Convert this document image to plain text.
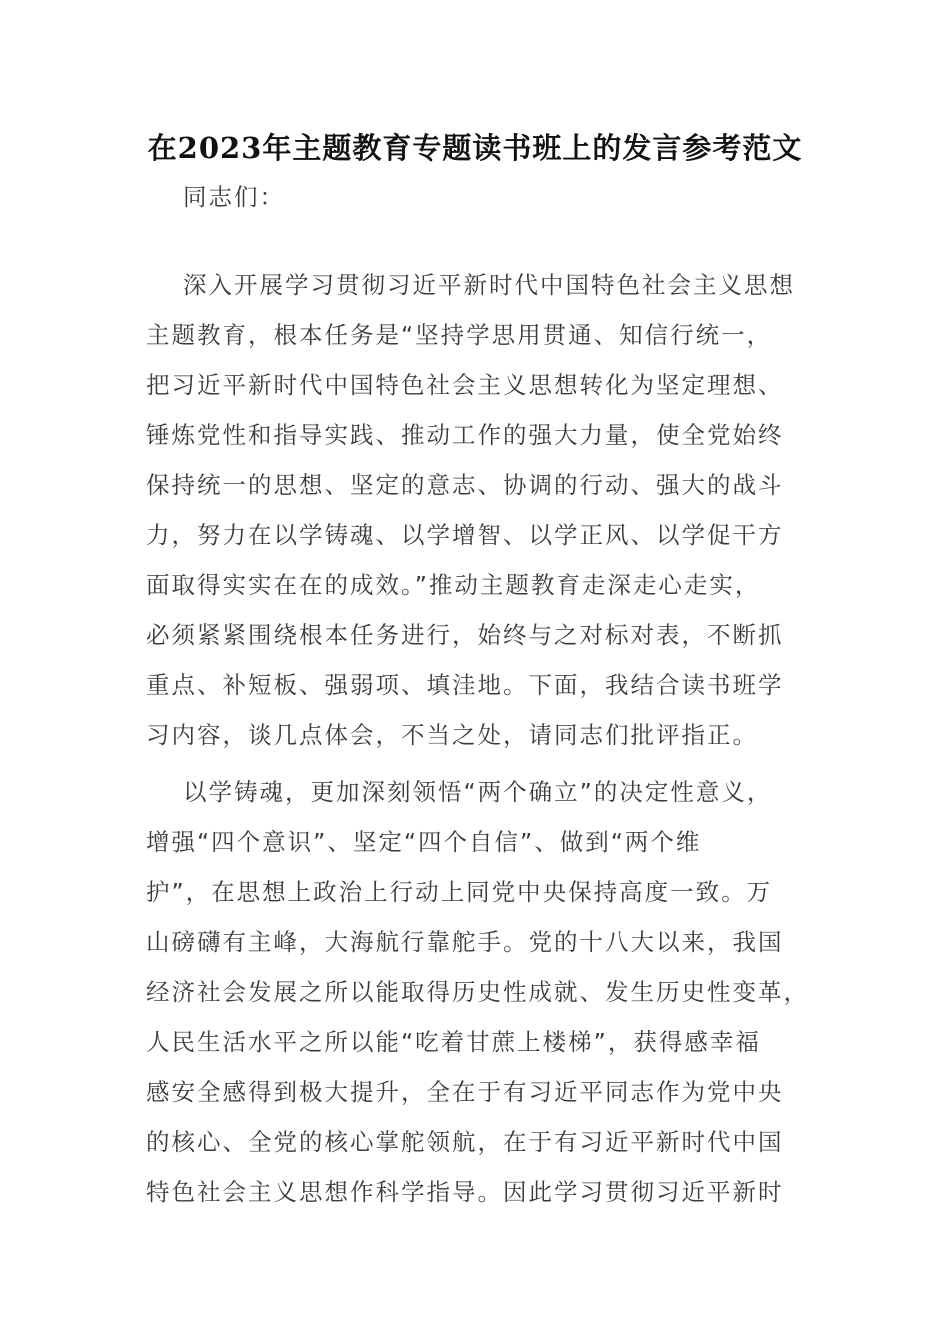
在2023年主题教育专题读书班上的发言参考范文
同志们：
深入开展学习贯彻习近平新时代中国特色社会主义思想
主题教育，根本任务是“坚持学思用贯通、知信行统一，
把习近平新时代中国特色社会主义思想转化为坚定理想、
锤炼党性和指导实践、推动工作的强大力量，使全党始终
保持统一的思想、坚定的意志、协调的行动、强大的战斗
力，努力在以学铸魂、以学增智、以学正风、以学促干方
面取得实实在在的成效。”推动主题教育走深走心走实，
必须紧紧围绕根本任务进行，始终与之对标对表，不断抓
重点、补短板、强弱项、填洼地。下面，我结合读书班学
习内容，谈几点体会，不当之处，请同志们批评指正。
以学铸魂，更加深刻领悟“两个确立”的决定性意义，
增强“四个意识”、坚定“四个自信”、做到“两个维
护”，在思想上政治上行动上同党中央保持高度一致。万
山磅礴有主峰，大海航行靠舵手。党的十八大以来，我国
经济社会发展之所以能取得历史性成就、发生历史性变革，
人民生活水平之所以能“吃着甘蔗上楼梯”，获得感幸福
感安全感得到极大提升，全在于有习近平同志作为党中央
的核心、全党的核心掌舵领航，在于有习近平新时代中国
特色社会主义思想作科学指导。因此学习贯彻习近平新时
